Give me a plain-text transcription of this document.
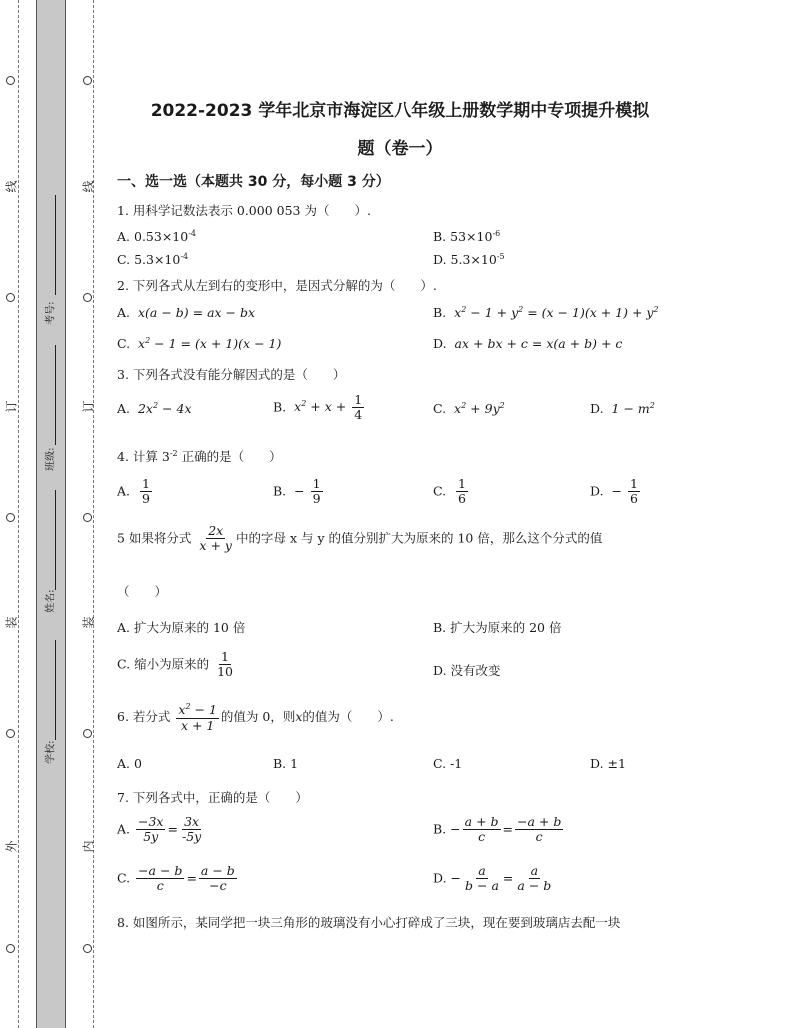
线
订
装
外
线
订
装
内
考号:
班级:
姓名:
学校:
2022-2023 学年北京市海淀区八年级上册数学期中专项提升模拟
题（卷一）
一、选一选（本题共 30 分，每小题 3 分）
1. 用科学记数法表示 0.000 053 为（　　）.
A. $0.53\times 10^{-4}$	B. $53\times 10^{-6}$
C. $5.3\times 10^{-4}$	D. $5.3\times 10^{-5}$
2. 下列各式从左到右的变形中，是因式分解的为（　　）.
A. x(a − b) = ax − bx	B. $x^2 - 1 + y^2 = (x - 1)(x + 1) + y^2$
C. $x^2 - 1 = (x + 1)(x - 1)$	D. ax + bx + c = x(a + b) + c
3. 下列各式没有能分解因式的是（　　）
A. $2x^2 - 4x$	B. $x^2 + x + \frac{1}{4}$	C. $x^2 + 9y^2$	D. $1 - m^2$
4. 计算 $3^{-2}$ 正确的是（　　）
A. $\frac{1}{9}$	B. − $\frac{1}{9}$	C. $\frac{1}{6}$	D. − $\frac{1}{6}$
5 如果将分式 $\frac{2x}{x + y}$ 中的字母 x 与 y 的值分别扩大为原来的 10 倍，那么这个分式的值
（　　）
A. 扩大为原来的 10 倍	B. 扩大为原来的 20 倍
C. 缩小为原来的 $\frac{1}{10}$	D. 没有改变
6. 若分式 $\frac{x^2 - 1}{x + 1}$ 的值为 0，则x的值为（　　）.
A. 0	B. 1	C. -1	D. ±1
7. 下列各式中，正确的是（　　）
A. $\frac{-3x}{5y} = \frac{3x}{-5y}$	B. − $\frac{a + b}{c} = \frac{-a + b}{c}$
C. $\frac{-a - b}{c} = \frac{a - b}{-c}$	D. − $\frac{a}{b - a} = \frac{a}{a - b}$
8. 如图所示，某同学把一块三角形的玻璃没有小心打碎成了三块，现在要到玻璃店去配一块
